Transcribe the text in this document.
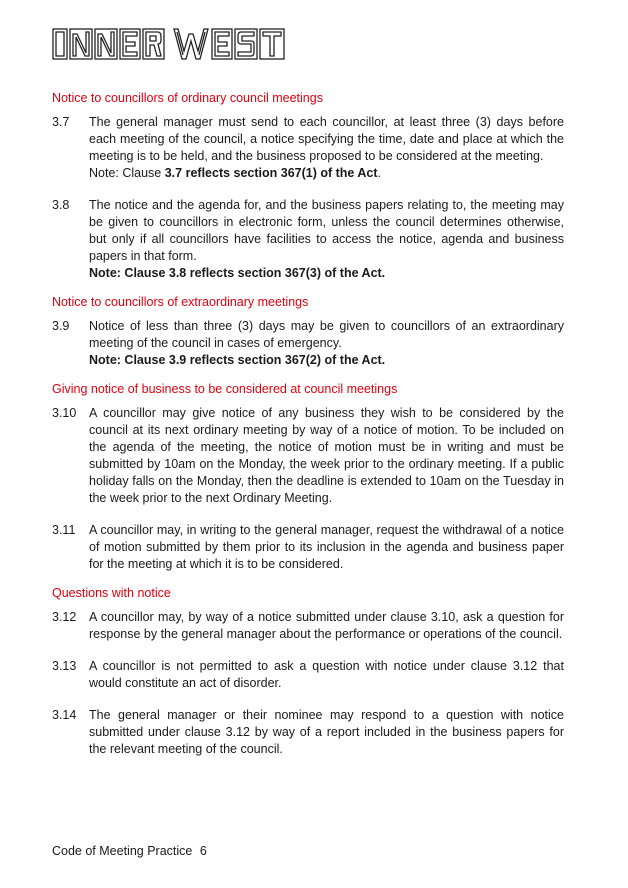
Notice to councillors of ordinary council meetings
3.7	The general manager must send to each councillor, at least three (3) days before each meeting of the council, a notice specifying the time, date and place at which the meeting is to be held, and the business proposed to be considered at the meeting.

Note: Clause 3.7 reflects section 367(1) of the Act.

3.8	The notice and the agenda for, and the business papers relating to, the meeting may be given to councillors in electronic form, unless the council determines otherwise, but only if all councillors have facilities to access the notice, agenda and business papers in that form.

Note: Clause 3.8 reflects section 367(3) of the Act.

Notice to councillors of extraordinary meetings
3.9	Notice of less than three (3) days may be given to councillors of an extraordinary meeting of the council in cases of emergency.

Note: Clause 3.9 reflects section 367(2) of the Act.

Giving notice of business to be considered at council meetings
3.10	A councillor may give notice of any business they wish to be considered by the council at its next ordinary meeting by way of a notice of motion. To be included on the agenda of the meeting, the notice of motion must be in writing and must be submitted by 10am on the Monday, the week prior to the ordinary meeting. If a public holiday falls on the Monday, then the deadline is extended to 10am on the Tuesday in the week prior to the next Ordinary Meeting.

3.11	A councillor may, in writing to the general manager, request the withdrawal of a notice of motion submitted by them prior to its inclusion in the agenda and business paper for the meeting at which it is to be considered.

Questions with notice
3.12	A councillor may, by way of a notice submitted under clause 3.10, ask a question for response by the general manager about the performance or operations of the council.

3.13	A councillor is not permitted to ask a question with notice under clause 3.12 that would constitute an act of disorder.

3.14	The general manager or their nominee may respond to a question with notice submitted under clause 3.12 by way of a report included in the business papers for the relevant meeting of the council.

Code of Meeting Practice 6
